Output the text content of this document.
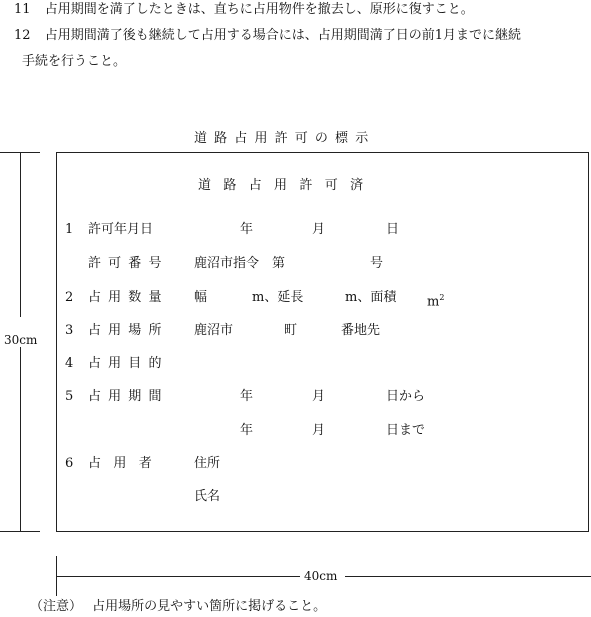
11 占用期間を満了したときは、直ちに占用物件を撤去し、原形に復すこと。
12 占用期間満了後も継続して占用する場合には、占用期間満了日の前1月までに継続
手続を行うこと。
道路占用許可の標示
道路占用許可済
1 許可年月日	年	月	日
許可番号 鹿沼市指令　第	号
2 占用数量 幅	m、延長	m、面積 $m^2$
3 占用場所 鹿沼市	町	番地先
4 占用目的
5 占用期間	年	月	日から
年	月	日まで
6 占用者 住所
氏名
30cm
40cm
（注意） 占用場所の見やすい箇所に掲げること。
